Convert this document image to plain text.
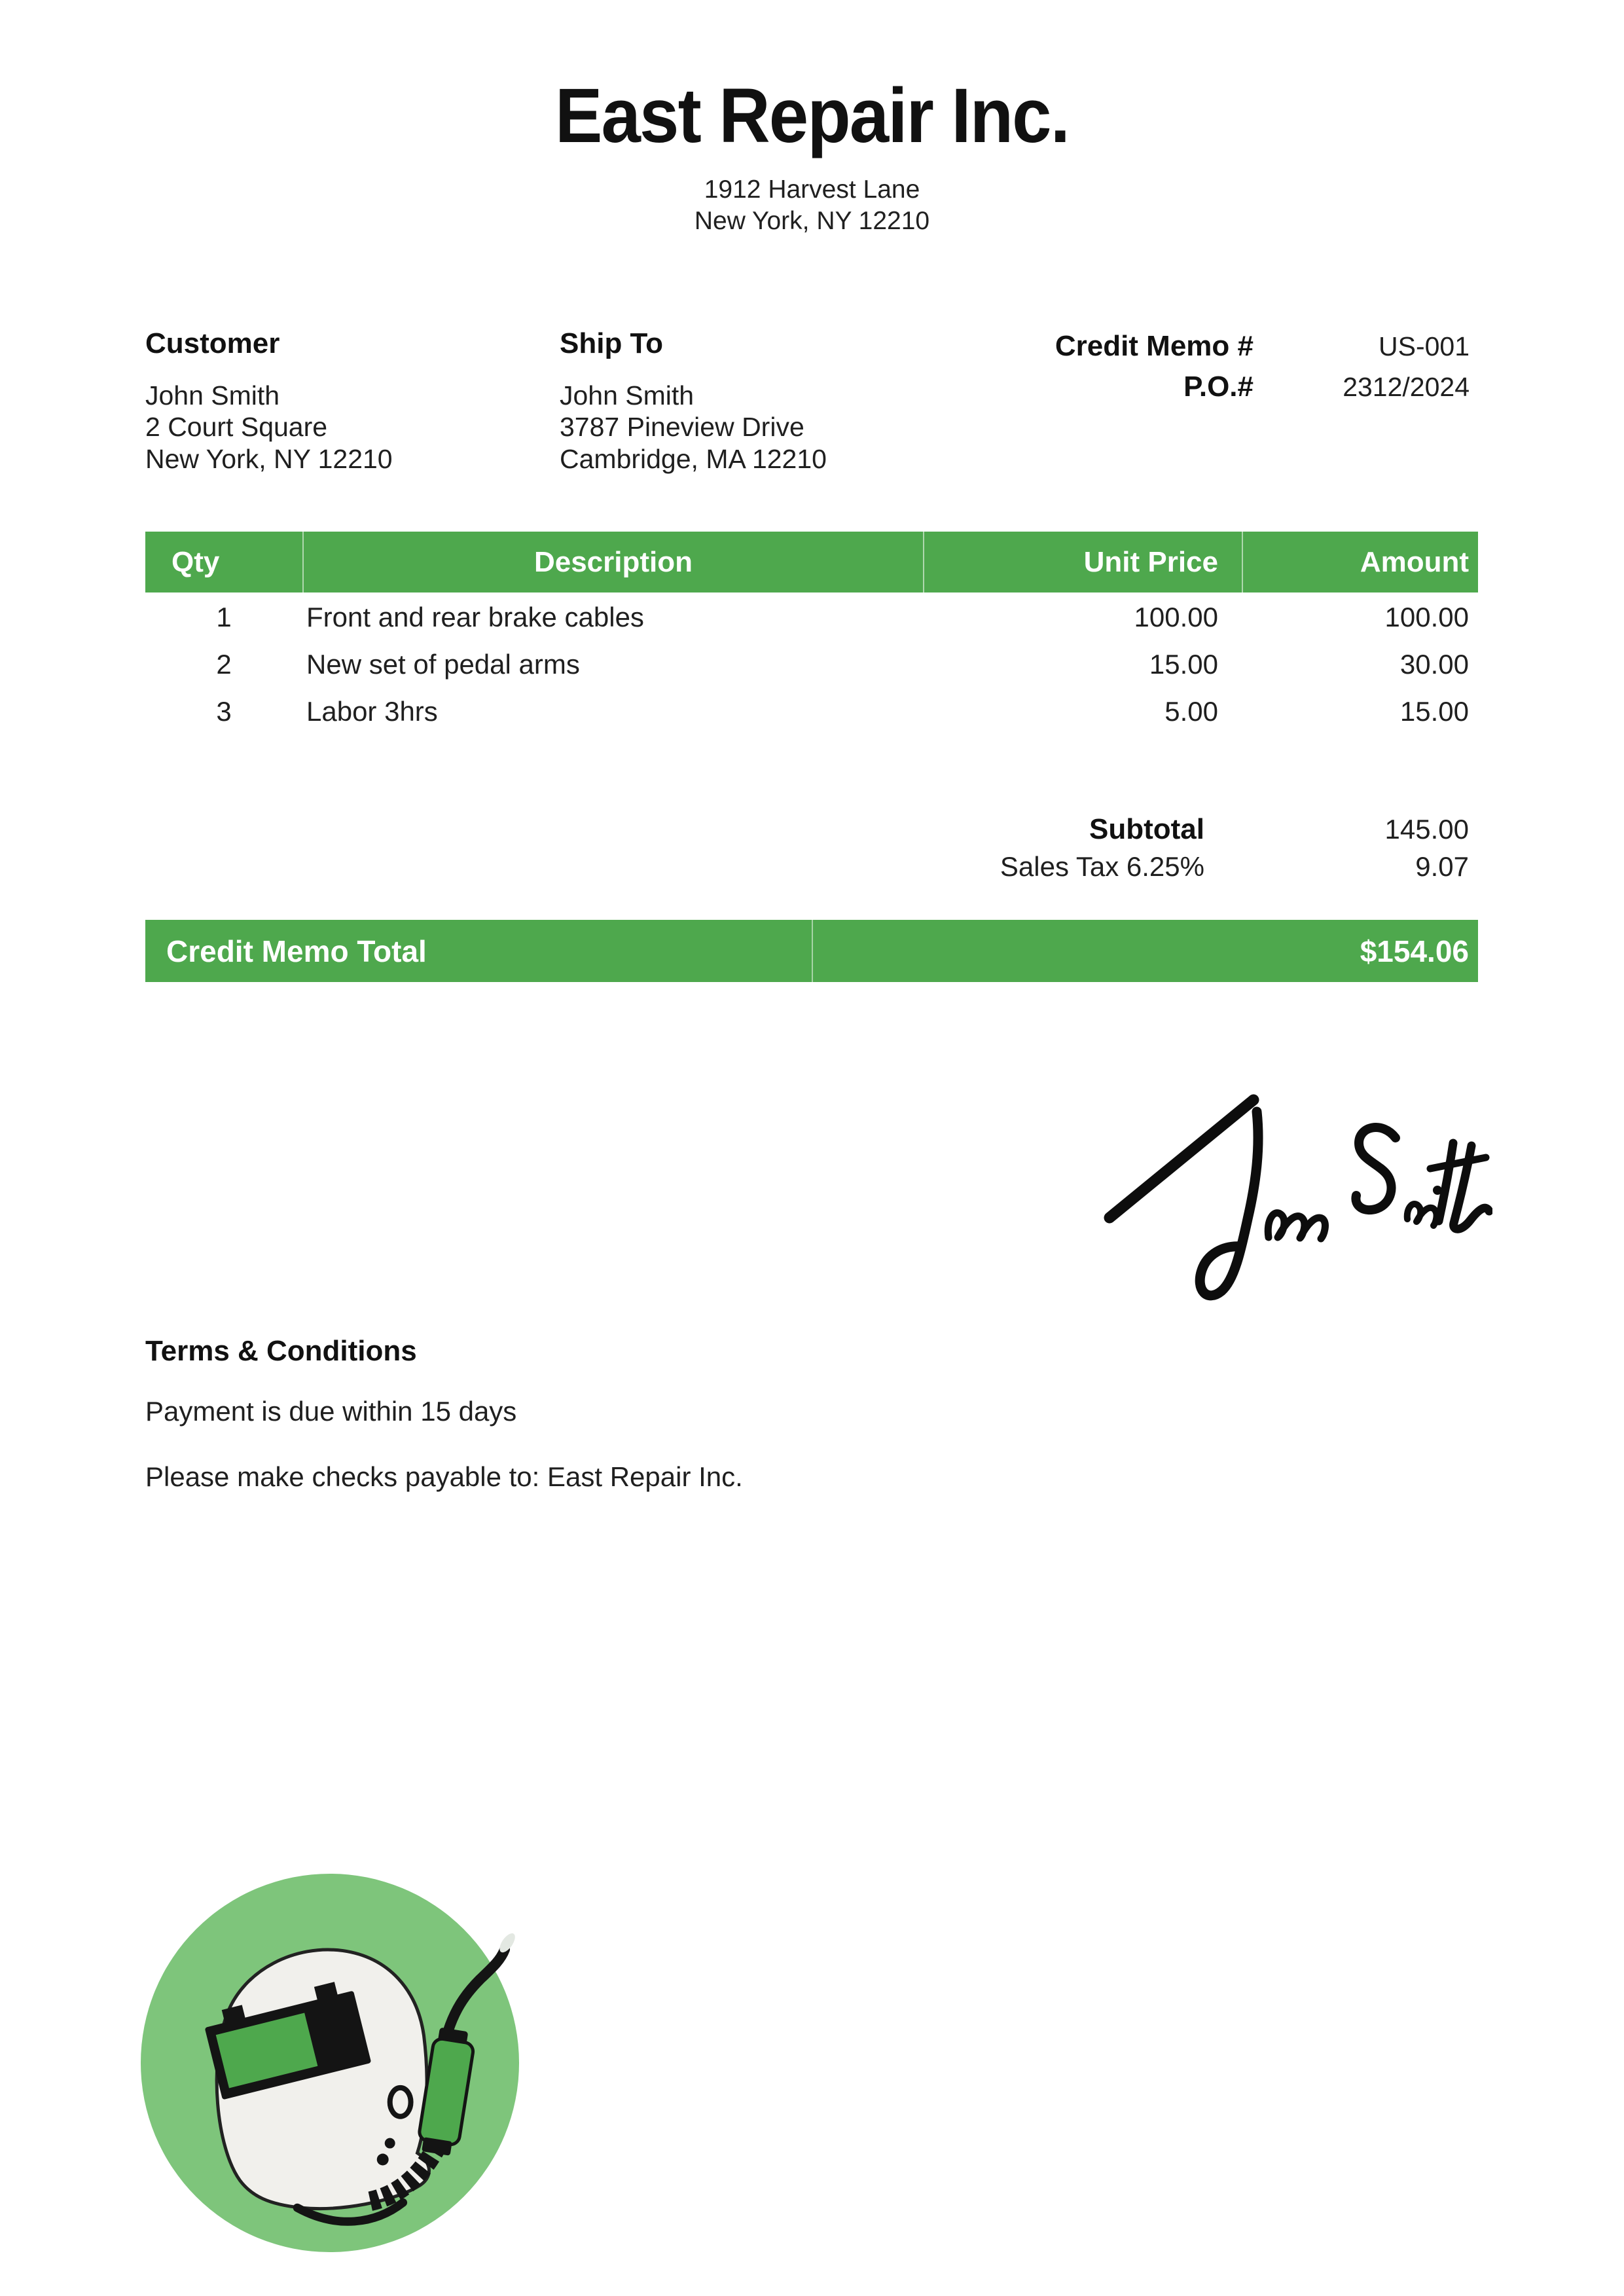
East Repair Inc.
1912 Harvest Lane
New York, NY 12210

Customer

John Smith
2 Court Square
New York, NY 12210

Ship To

John Smith
3787 Pineview Drive
Cambridge, MA 12210
Credit Memo #	US-001
P.O.#	2312/2024
Qty	Description	Unit Price	Amount
1	Front and rear brake cables	100.00	100.00
2	New set of pedal arms	15.00	30.00
3	Labor 3hrs	5.00	15.00
Subtotal	145.00
Sales Tax 6.25%	9.07
Credit Memo Total	$154.06

Terms & Conditions

Payment is due within 15 days
Please make checks payable to: East Repair Inc.
